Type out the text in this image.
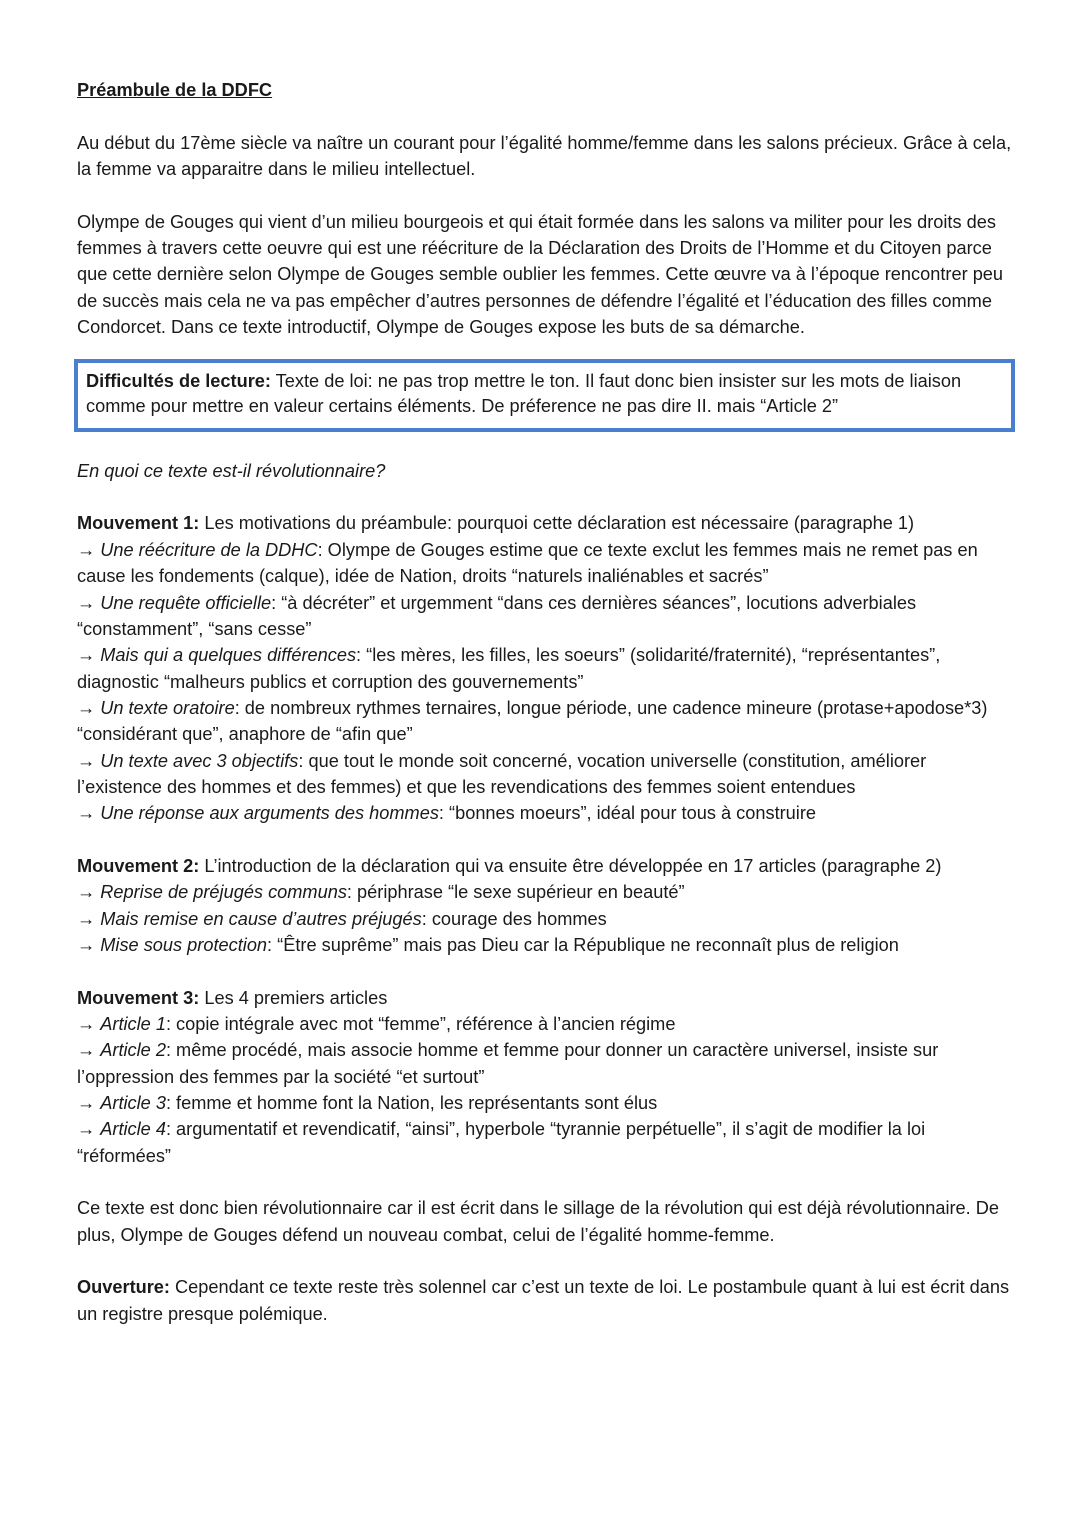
Préambule de la DDFC

Au début du 17ème siècle va naître un courant pour l’égalité homme/femme dans les salons précieux. Grâce à cela, la femme va apparaitre dans le milieu intellectuel.

Olympe de Gouges qui vient d’un milieu bourgeois et qui était formée dans les salons va militer pour les droits des femmes à travers cette oeuvre qui est une réécriture de la Déclaration des Droits de l’Homme et du Citoyen parce que cette dernière selon Olympe de Gouges semble oublier les femmes. Cette œuvre va à l’époque rencontrer peu de succès mais cela ne va pas empêcher d’autres personnes de défendre l’égalité et l’éducation des filles comme Condorcet. Dans ce texte introductif, Olympe de Gouges expose les buts de sa démarche.

Difficultés de lecture: Texte de loi: ne pas trop mettre le ton. Il faut donc bien insister sur les mots de liaison comme pour mettre en valeur certains éléments. De préference ne pas dire II. mais “Article 2”

En quoi ce texte est-il révolutionnaire?

Mouvement 1: Les motivations du préambule: pourquoi cette déclaration est nécessaire (paragraphe 1)
→ Une réécriture de la DDHC: Olympe de Gouges estime que ce texte exclut les femmes mais ne remet pas en cause les fondements (calque), idée de Nation, droits “naturels inaliénables et sacrés”
→ Une requête officielle: “à décréter” et urgemment “dans ces dernières séances”, locutions adverbiales “constamment”, “sans cesse”
→ Mais qui a quelques différences: “les mères, les filles, les soeurs” (solidarité/fraternité), “représentantes”, diagnostic “malheurs publics et corruption des gouvernements”
→ Un texte oratoire: de nombreux rythmes ternaires, longue période, une cadence mineure (protase+apodose*3) “considérant que”, anaphore de “afin que”
→ Un texte avec 3 objectifs: que tout le monde soit concerné, vocation universelle (constitution, améliorer l’existence des hommes et des femmes) et que les revendications des femmes soient entendues
→ Une réponse aux arguments des hommes: “bonnes moeurs”, idéal pour tous à construire

Mouvement 2: L’introduction de la déclaration qui va ensuite être développée en 17 articles (paragraphe 2)
→ Reprise de préjugés communs: périphrase “le sexe supérieur en beauté”
→ Mais remise en cause d’autres préjugés: courage des hommes
→ Mise sous protection: “Être suprême” mais pas Dieu car la République ne reconnaît plus de religion

Mouvement 3: Les 4 premiers articles
→ Article 1: copie intégrale avec mot “femme”, référence à l’ancien régime
→ Article 2: même procédé, mais associe homme et femme pour donner un caractère universel, insiste sur l’oppression des femmes par la société “et surtout”
→ Article 3: femme et homme font la Nation, les représentants sont élus
→ Article 4: argumentatif et revendicatif, “ainsi”, hyperbole “tyrannie perpétuelle”, il s’agit de modifier la loi “réformées”

Ce texte est donc bien révolutionnaire car il est écrit dans le sillage de la révolution qui est déjà révolutionnaire. De plus, Olympe de Gouges défend un nouveau combat, celui de l’égalité homme-femme.

Ouverture: Cependant ce texte reste très solennel car c’est un texte de loi. Le postambule quant à lui est écrit dans un registre presque polémique.
